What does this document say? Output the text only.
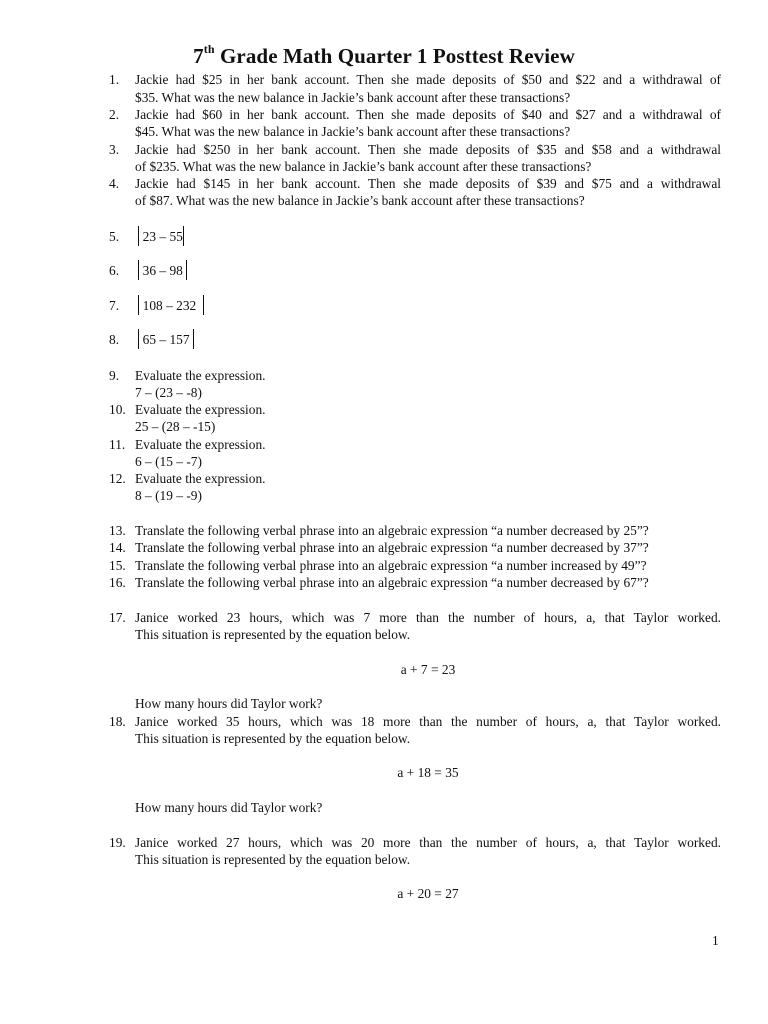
7th Grade Math Quarter 1 Posttest Review
1.	Jackie had $25 in her bank account. Then she made deposits of $50 and $22 and a withdrawal of
$35. What was the new balance in Jackie’s bank account after these transactions?
2.	Jackie had $60 in her bank account. Then she made deposits of $40 and $27 and a withdrawal of
$45. What was the new balance in Jackie’s bank account after these transactions?
3.	Jackie had $250 in her bank account. Then she made deposits of $35 and $58 and a withdrawal
of $235. What was the new balance in Jackie’s bank account after these transactions?
4.	Jackie had $145 in her bank account. Then she made deposits of $39 and $75 and a withdrawal
of $87. What was the new balance in Jackie’s bank account after these transactions?
5.	23 – 55
6.	36 – 98
7.	108 – 232
8.	65 – 157
9.	Evaluate the expression.
7 – (23 – -8)
10. Evaluate the expression.
25 – (28 – -15)
11. Evaluate the expression.
6 – (15 – -7)
12. Evaluate the expression.
8 – (19 – -9)
13. Translate the following verbal phrase into an algebraic expression “a number decreased by 25”?
14. Translate the following verbal phrase into an algebraic expression “a number decreased by 37”?
15. Translate the following verbal phrase into an algebraic expression “a number increased by 49”?
16. Translate the following verbal phrase into an algebraic expression “a number decreased by 67”?
17. Janice worked 23 hours, which was 7 more than the number of hours, a, that Taylor worked.
This situation is represented by the equation below.
a + 7 = 23
How many hours did Taylor work?
18. Janice worked 35 hours, which was 18 more than the number of hours, a, that Taylor worked.
This situation is represented by the equation below.
a + 18 = 35
How many hours did Taylor work?
19. Janice worked 27 hours, which was 20 more than the number of hours, a, that Taylor worked.
This situation is represented by the equation below.
a + 20 = 27
1
